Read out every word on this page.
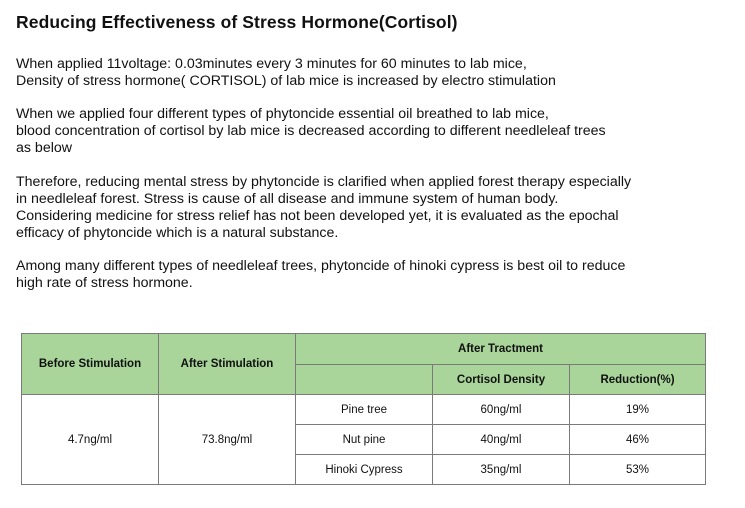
Reducing Effectiveness of Stress Hormone(Cortisol)

When applied 11voltage: 0.03minutes every 3 minutes for 60 minutes to lab mice,
Density of stress hormone( CORTISOL) of lab mice is increased by electro stimulation

When we applied four different types of phytoncide essential oil breathed to lab mice,
blood concentration of cortisol by lab mice is decreased according to different needleleaf trees
as below

Therefore, reducing mental stress by phytoncide is clarified when applied forest therapy especially
in needleleaf forest. Stress is cause of all disease and immune system of human body.
Considering medicine for stress relief has not been developed yet, it is evaluated as the epochal
efficacy of phytoncide which is a natural substance.

Among many different types of needleleaf trees, phytoncide of hinoki cypress is best oil to reduce
high rate of stress hormone.

Before Stimulation	After Stimulation	After Tractment		
			Cortisol Density	Reduction(%)
4.7ng/ml	73.8ng/ml	Pine tree	60ng/ml	19%
		Nut pine	40ng/ml	46%
		Hinoki Cypress	35ng/ml	53%
